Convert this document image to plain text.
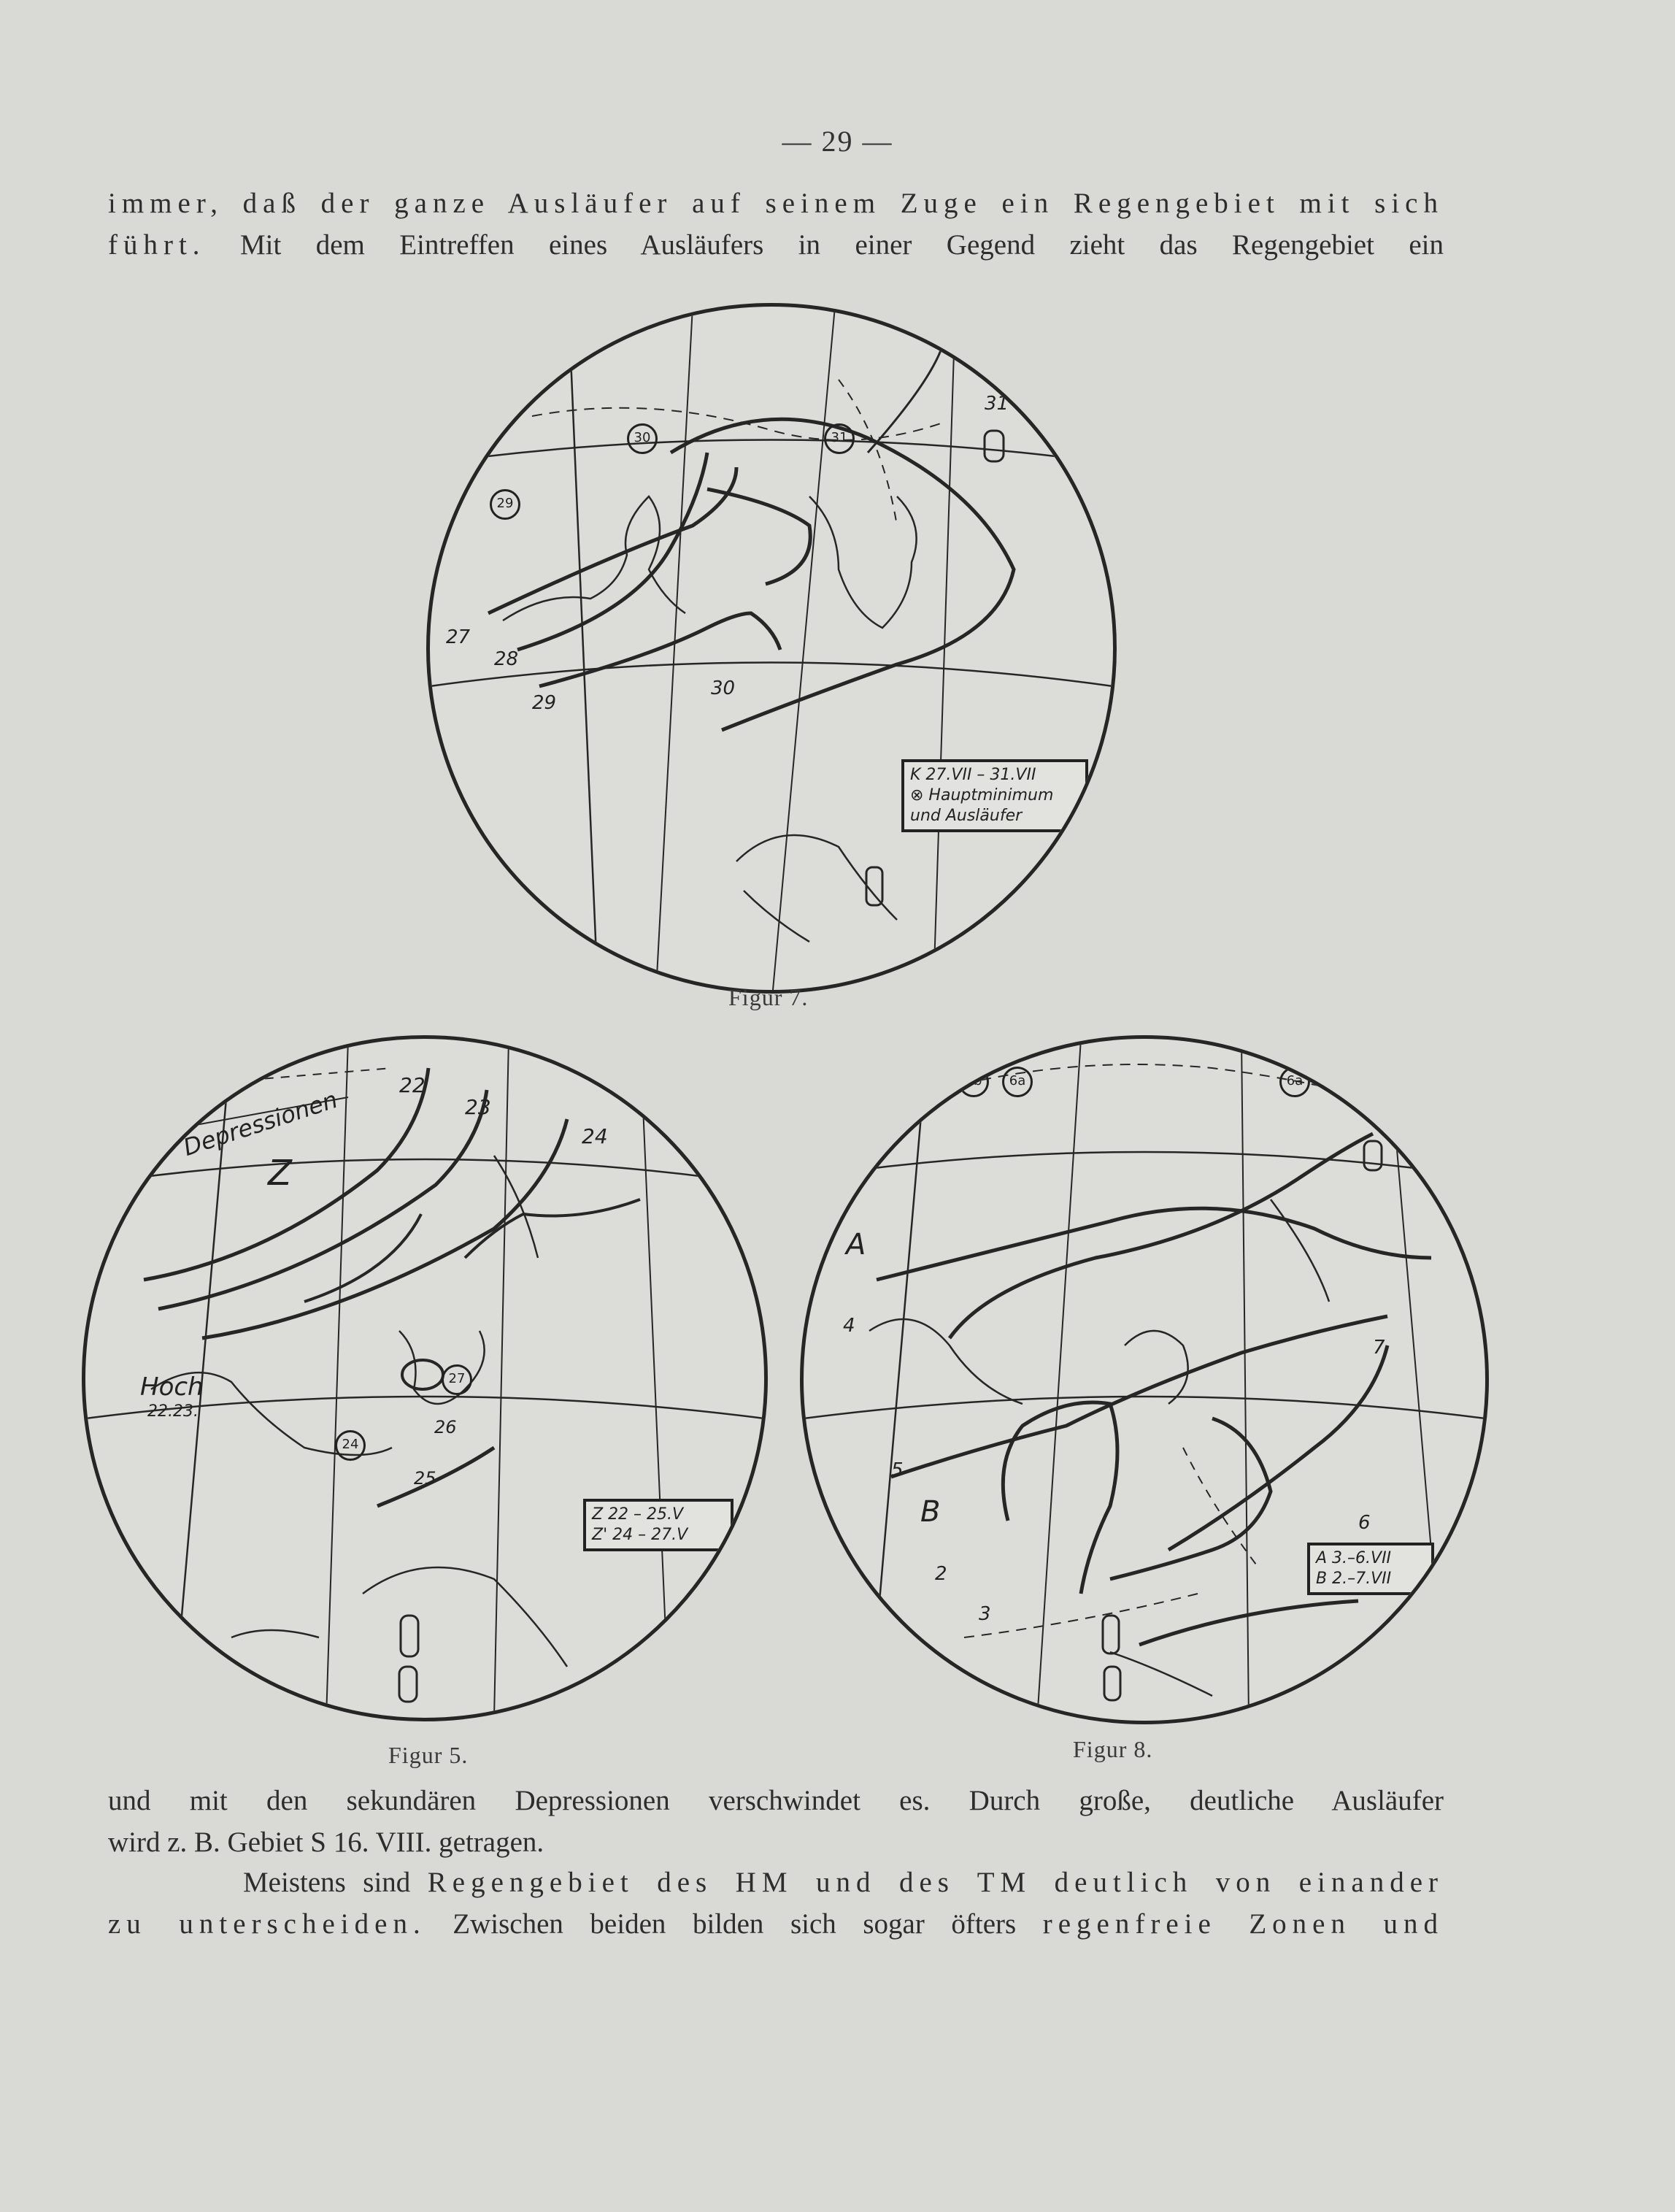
— 29 —
immer, daß der ganze Ausläufer auf seinem Zuge ein Regengebiet mit sich
führt. Mit dem Eintreffen eines Ausläufers in einer Gegend zieht das Regengebiet ein
29
30	31
27
28
29
30
31
K 27.VII – 31.VII
⊗ Hauptminimum
und Ausläufer
Figur 7.
Depressionen
Z
Hoch
22.23.
22
23
24
25
26
27
24
Z 22 – 25.V
Z' 24 – 27.V
Figur 5.
5a	5b	6a	6a
4a
A
B
2
3
4
5
6
7
A 3.–6.VII
B 2.–7.VII
Figur 8.
und mit den sekundären Depressionen verschwindet es. Durch große, deutliche Ausläufer
wird z. B. Gebiet S 16. VIII. getragen.
Meistens sind Regengebiet des HM und des TM deutlich von einander
zu unterscheiden. Zwischen beiden bilden sich sogar öfters regenfreie Zonen und
